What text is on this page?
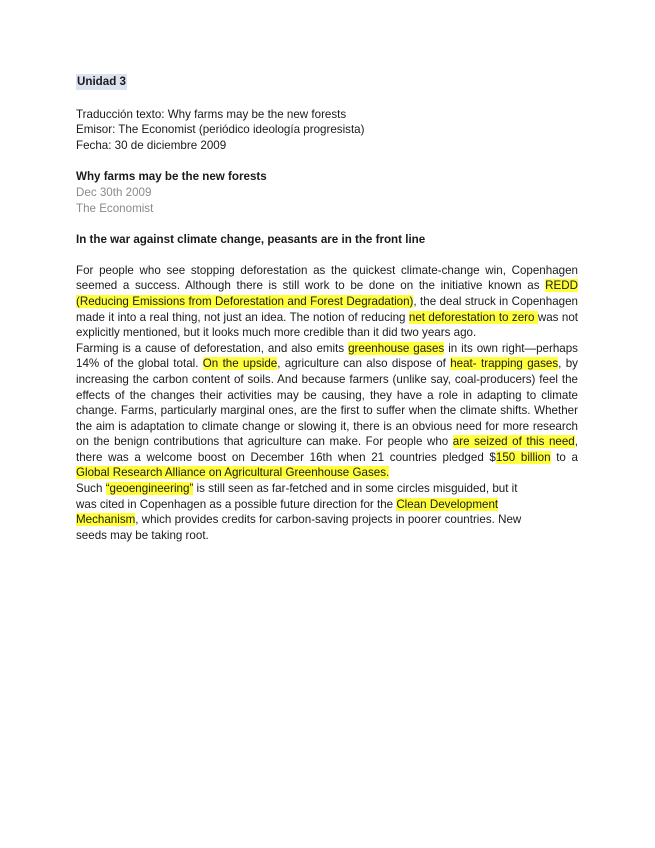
Unidad 3

Traducción texto: Why farms may be the new forests

Emisor: The Economist (periódico ideología progresista)

Fecha: 30 de diciembre 2009

Why farms may be the new forests

Dec 30th 2009

The Economist

In the war against climate change, peasants are in the front line

For people who see stopping deforestation as the quickest climate-change win, Copenhagen seemed a success. Although there is still work to be done on the initiative known as REDD (Reducing Emissions from Deforestation and Forest Degradation), the deal struck in Copenhagen made it into a real thing, not just an idea. The notion of reducing net deforestation to zero was not explicitly mentioned, but it looks much more credible than it did two years ago.

Farming is a cause of deforestation, and also emits greenhouse gases in its own right—perhaps 14% of the global total. On the upside, agriculture can also dispose of heat- trapping gases, by increasing the carbon content of soils. And because farmers (unlike say, coal-producers) feel the effects of the changes their activities may be causing, they have a role in adapting to climate change. Farms, particularly marginal ones, are the first to suffer when the climate shifts. Whether the aim is adaptation to climate change or slowing it, there is an obvious need for more research on the benign contributions that agriculture can make. For people who are seized of this need, there was a welcome boost on December 16th when 21 countries pledged $150 billion to a Global Research Alliance on Agricultural Greenhouse Gases.

Such “geoengineering” is still seen as far-fetched and in some circles misguided, but it was cited in Copenhagen as a possible future direction for the Clean Development Mechanism, which provides credits for carbon-saving projects in poorer countries. New seeds may be taking root.
